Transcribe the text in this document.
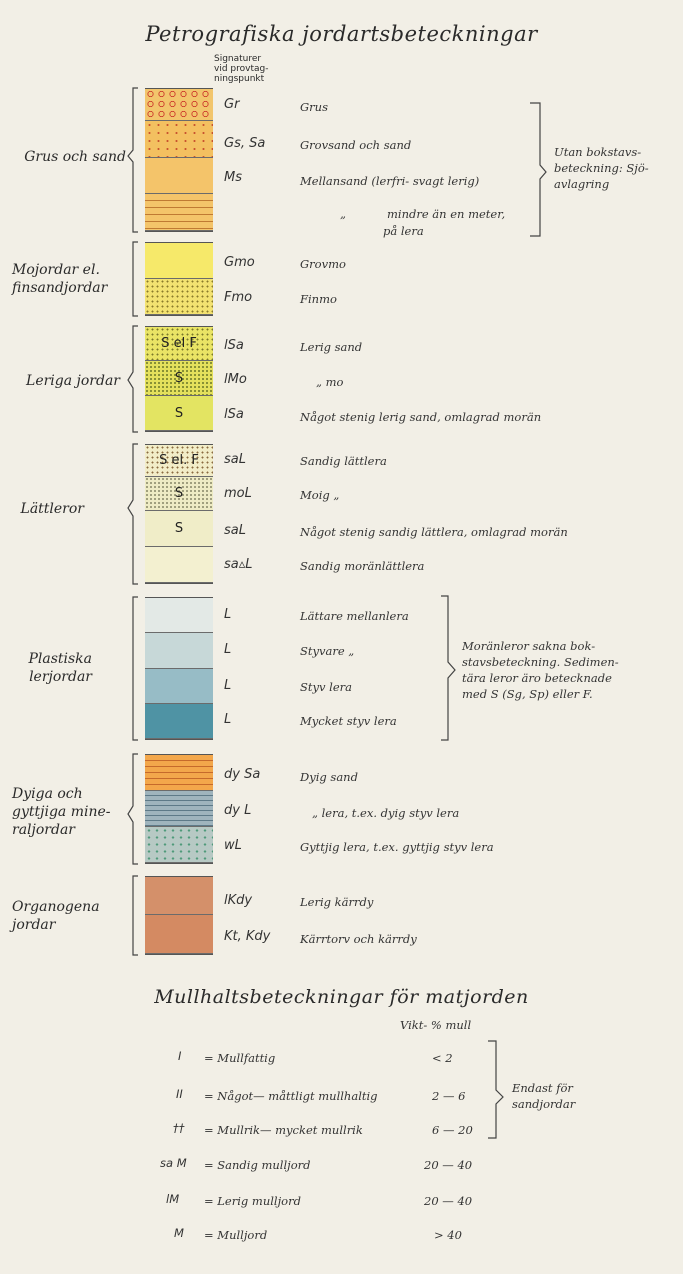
Petrografiska jordartsbeteckningar
Signaturer
vid provtag-
ningspunkt
Grus och sand
Mojordar el.
finsandjordar
Leriga jordar
Lättleror
Plastiska
lerjordar
Dyiga och
gyttjiga mine-
raljordar
Organogena
jordar
S el F
S
S
S el. F
S
S
Gr	Grus
Gs, Sa	Grovsand och sand
Ms	Mellansand (lerfri- svagt lerig)
„	mindre än en meter,
på lera
Gmo	Grovmo
Fmo	Finmo
lSa	Lerig sand
lMo	„ mo
lSa	Något stenig lerig sand, omlagrad morän
saL	Sandig lättlera
moL	Moig „
saL	Något stenig sandig lättlera, omlagrad morän
sa▵L	Sandig moränlättlera
L	Lättare mellanlera
L	Styvare „
L	Styv lera
L	Mycket styv lera
dy Sa	Dyig sand
dy L	„ lera, t.ex. dyig styv lera
wL	Gyttjig lera, t.ex. gyttjig styv lera
lKdy	Lerig kärrdy
Kt, Kdy	Kärrtorv och kärrdy
Utan bokstavs-
beteckning: Sjö-
avlagring
Moränleror sakna bok-
stavsbeteckning. Sedimen-
tära leror äro betecknade
med S (Sg, Sp) eller F.
Mullhaltsbeteckningar för matjorden
Vikt- % mull
I = Mullfattig	< 2
II = Något— måttligt mullhaltig	2 — 6
†† = Mullrik— mycket mullrik	6 — 20
sa M = Sandig mulljord	20 — 40
lM = Lerig mulljord	20 — 40
M = Mulljord	> 40
Endast för
sandjordar
